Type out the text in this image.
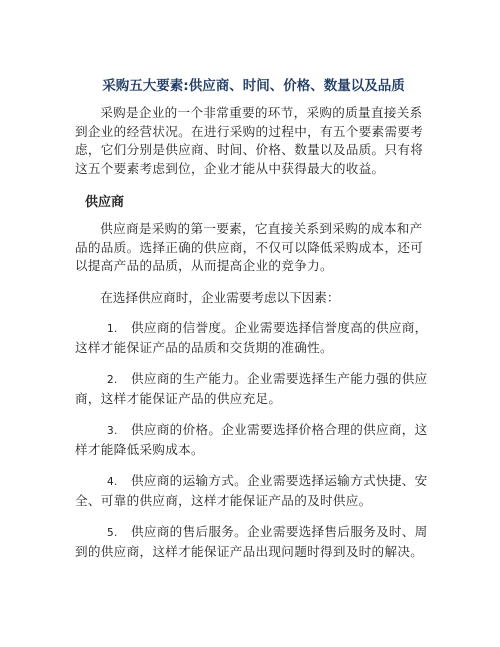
采购五大要素:供应商、时间、价格、数量以及品质

采购是企业的一个非常重要的环节，采购的质量直接关系到企业的经营状况。在进行采购的过程中，有五个要素需要考虑，它们分别是供应商、时间、价格、数量以及品质。只有将这五个要素考虑到位，企业才能从中获得最大的收益。

供应商

供应商是采购的第一要素，它直接关系到采购的成本和产品的品质。选择正确的供应商，不仅可以降低采购成本，还可以提高产品的品质，从而提高企业的竞争力。

在选择供应商时，企业需要考虑以下因素：

1. 供应商的信誉度。企业需要选择信誉度高的供应商，这样才能保证产品的品质和交货期的准确性。
2. 供应商的生产能力。企业需要选择生产能力强的供应商，这样才能保证产品的供应充足。
3. 供应商的价格。企业需要选择价格合理的供应商，这样才能降低采购成本。
4. 供应商的运输方式。企业需要选择运输方式快捷、安全、可靠的供应商，这样才能保证产品的及时供应。
5. 供应商的售后服务。企业需要选择售后服务及时、周到的供应商，这样才能保证产品出现问题时得到及时的解决。
